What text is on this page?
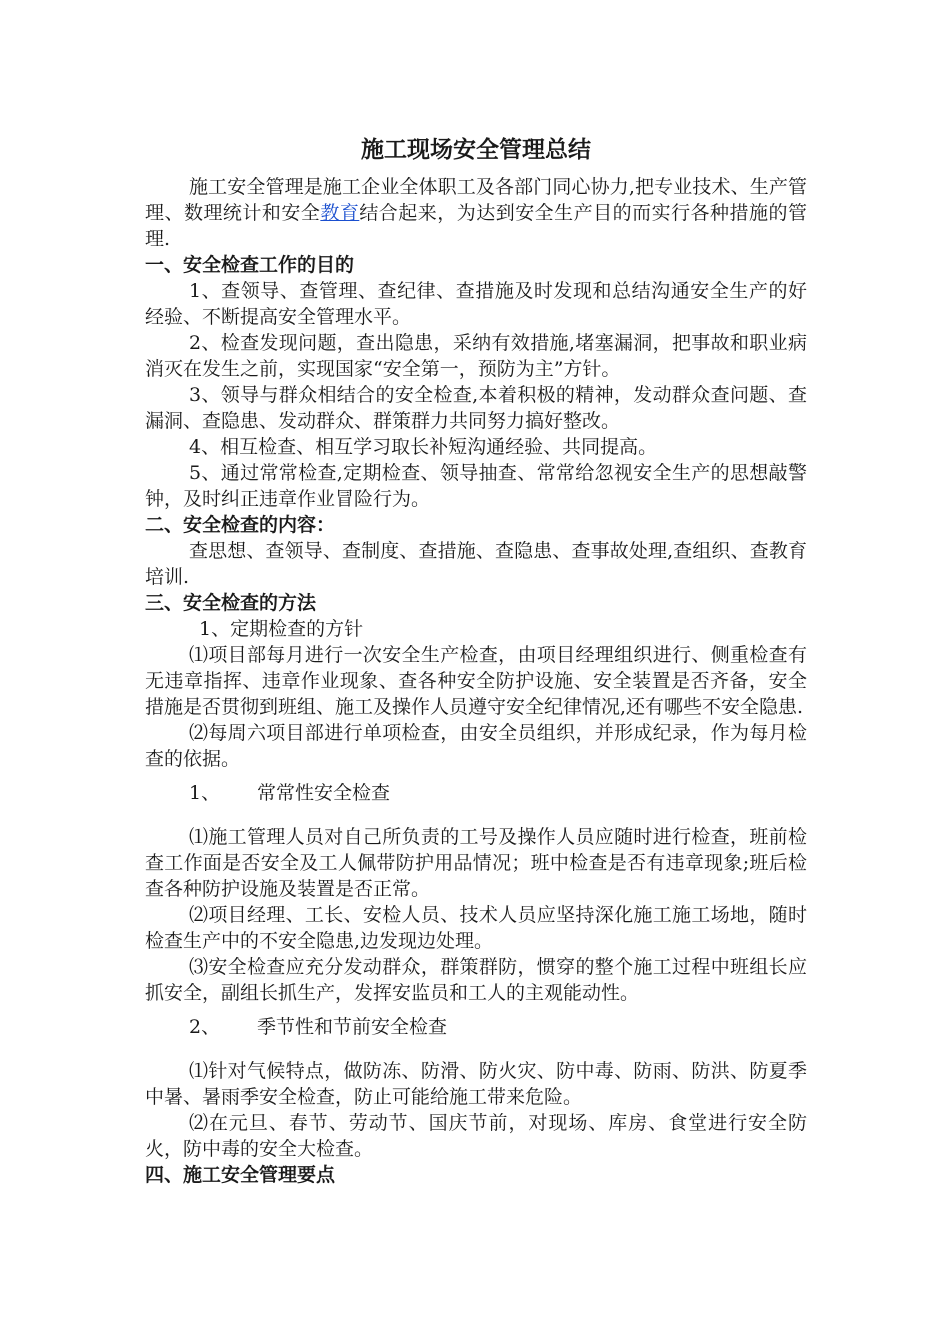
施工现场安全管理总结

施工安全管理是施工企业全体职工及各部门同心协力,把专业技术、生产管理、数理统计和安全教育结合起来，为达到安全生产目的而实行各种措施的管理.

一、安全检查工作的目的

1、查领导、查管理、查纪律、查措施及时发现和总结沟通安全生产的好经验、不断提高安全管理水平。

2、检查发现问题，查出隐患，采纳有效措施,堵塞漏洞，把事故和职业病消灭在发生之前，实现国家“安全第一，预防为主”方针。

3、领导与群众相结合的安全检查,本着积极的精神，发动群众查问题、查漏洞、查隐患、发动群众、群策群力共同努力搞好整改。

4、相互检查、相互学习取长补短沟通经验、共同提高。

5、通过常常检查,定期检查、领导抽查、常常给忽视安全生产的思想敲警钟，及时纠正违章作业冒险行为。

二、安全检查的内容：

查思想、查领导、查制度、查措施、查隐患、查事故处理,查组织、查教育培训.

三、安全检查的方法

1、定期检查的方针

⑴项目部每月进行一次安全生产检查，由项目经理组织进行、侧重检查有无违章指挥、违章作业现象、查各种安全防护设施、安全装置是否齐备，安全措施是否贯彻到班组、施工及操作人员遵守安全纪律情况,还有哪些不安全隐患.

⑵每周六项目部进行单项检查，由安全员组织，并形成纪录，作为每月检查的依据。

1、 常常性安全检查

⑴施工管理人员对自己所负责的工号及操作人员应随时进行检查，班前检查工作面是否安全及工人佩带防护用品情况；班中检查是否有违章现象;班后检查各种防护设施及装置是否正常。

⑵项目经理、工长、安检人员、技术人员应坚持深化施工施工场地，随时检查生产中的不安全隐患,边发现边处理。

⑶安全检查应充分发动群众，群策群防，惯穿的整个施工过程中班组长应抓安全，副组长抓生产，发挥安监员和工人的主观能动性。

2、 季节性和节前安全检查

⑴针对气候特点，做防冻、防滑、防火灾、防中毒、防雨、防洪、防夏季中暑、暑雨季安全检查，防止可能给施工带来危险。

⑵在元旦、春节、劳动节、国庆节前，对现场、库房、食堂进行安全防火，防中毒的安全大检查。

四、施工安全管理要点
